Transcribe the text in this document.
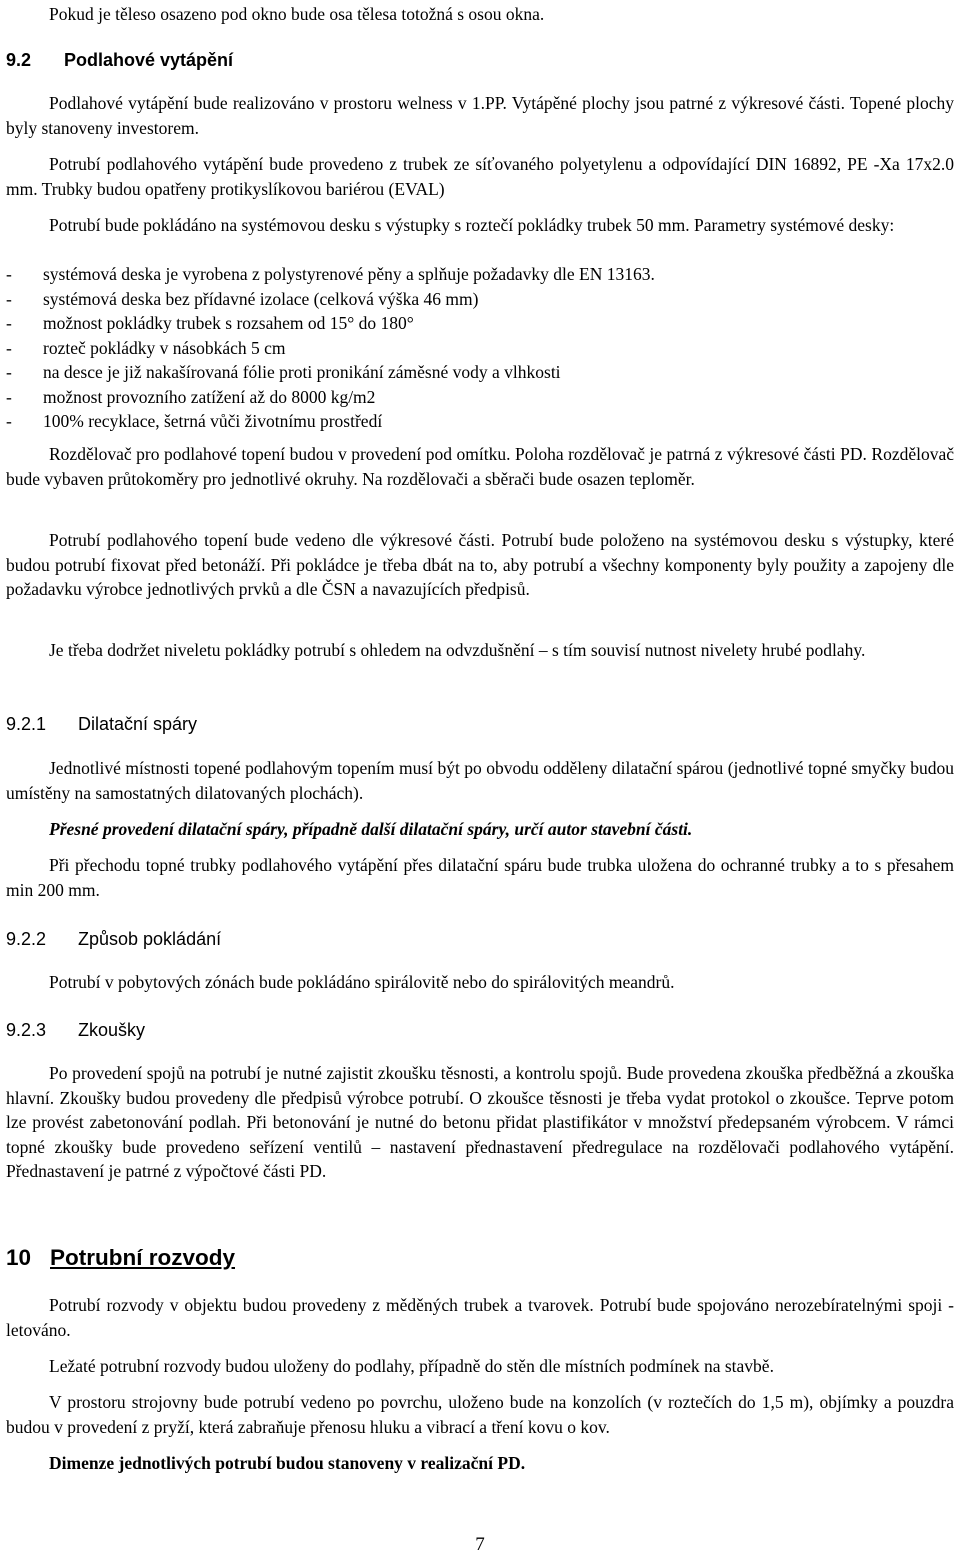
Pokud je těleso osazeno pod okno bude osa tělesa totožná s osou okna.

9.2 Podlahové vytápění

Podlahové vytápění bude realizováno v prostoru welness v 1.PP. Vytápěné plochy jsou patrné z výkresové části. Topené plochy byly stanoveny investorem.

Potrubí podlahového vytápění bude provedeno z trubek ze síťovaného polyetylenu a odpovídající DIN 16892, PE -Xa 17x2.0 mm. Trubky budou opatřeny protikyslíkovou bariérou (EVAL)

Potrubí bude pokládáno na systémovou desku s výstupky s roztečí pokládky trubek 50 mm. Parametry systémové desky:

- systémová deska je vyrobena z polystyrenové pěny a splňuje požadavky dle EN 13163.
- systémová deska bez přídavné izolace (celková výška 46 mm)
- možnost pokládky trubek s rozsahem od 15° do 180°
- rozteč pokládky v násobkách 5 cm
- na desce je již nakašírovaná fólie proti pronikání záměsné vody a vlhkosti
- možnost provozního zatížení až do 8000 kg/m2
- 100% recyklace, šetrná vůči životnímu prostředí

Rozdělovač pro podlahové topení budou v provedení pod omítku. Poloha rozdělovač je patrná z výkresové části PD. Rozdělovač bude vybaven průtokoměry pro jednotlivé okruhy. Na rozdělovači a sběrači bude osazen teploměr.

Potrubí podlahového topení bude vedeno dle výkresové části. Potrubí bude položeno na systémovou desku s výstupky, které budou potrubí fixovat před betonáží. Při pokládce je třeba dbát na to, aby potrubí a všechny komponenty byly použity a zapojeny dle požadavku výrobce jednotlivých prvků a dle ČSN a navazujících předpisů.

Je třeba dodržet niveletu pokládky potrubí s ohledem na odvzdušnění – s tím souvisí nutnost nivelety hrubé podlahy.

9.2.1 Dilatační spáry

Jednotlivé místnosti topené podlahovým topením musí být po obvodu odděleny dilatační spárou (jednotlivé topné smyčky budou umístěny na samostatných dilatovaných plochách).

Přesné provedení dilatační spáry, případně další dilatační spáry, určí autor stavební části.

Při přechodu topné trubky podlahového vytápění přes dilatační spáru bude trubka uložena do ochranné trubky a to s přesahem min 200 mm.

9.2.2 Způsob pokládání

Potrubí v pobytových zónách bude pokládáno spirálovitě nebo do spirálovitých meandrů.

9.2.3 Zkoušky

Po provedení spojů na potrubí je nutné zajistit zkoušku těsnosti, a kontrolu spojů. Bude provedena zkouška předběžná a zkouška hlavní. Zkoušky budou provedeny dle předpisů výrobce potrubí. O zkoušce těsnosti je třeba vydat protokol o zkoušce. Teprve potom lze provést zabetonování podlah. Při betonování je nutné do betonu přidat plastifikátor v množství předepsaném výrobcem. V rámci topné zkoušky bude provedeno seřízení ventilů – nastavení přednastavení předregulace na rozdělovači podlahového vytápění. Přednastavení je patrné z výpočtové části PD.

10 Potrubní rozvody

Potrubí rozvody v objektu budou provedeny z měděných trubek a tvarovek. Potrubí bude spojováno nerozebíratelnými spoji - letováno.

Ležaté potrubní rozvody budou uloženy do podlahy, případně do stěn dle místních podmínek na stavbě.

V prostoru strojovny bude potrubí vedeno po povrchu, uloženo bude na konzolích (v roztečích do 1,5 m), objímky a pouzdra budou v provedení z pryží, která zabraňuje přenosu hluku a vibrací a tření kovu o kov.

Dimenze jednotlivých potrubí budou stanoveny v realizační PD.

7
